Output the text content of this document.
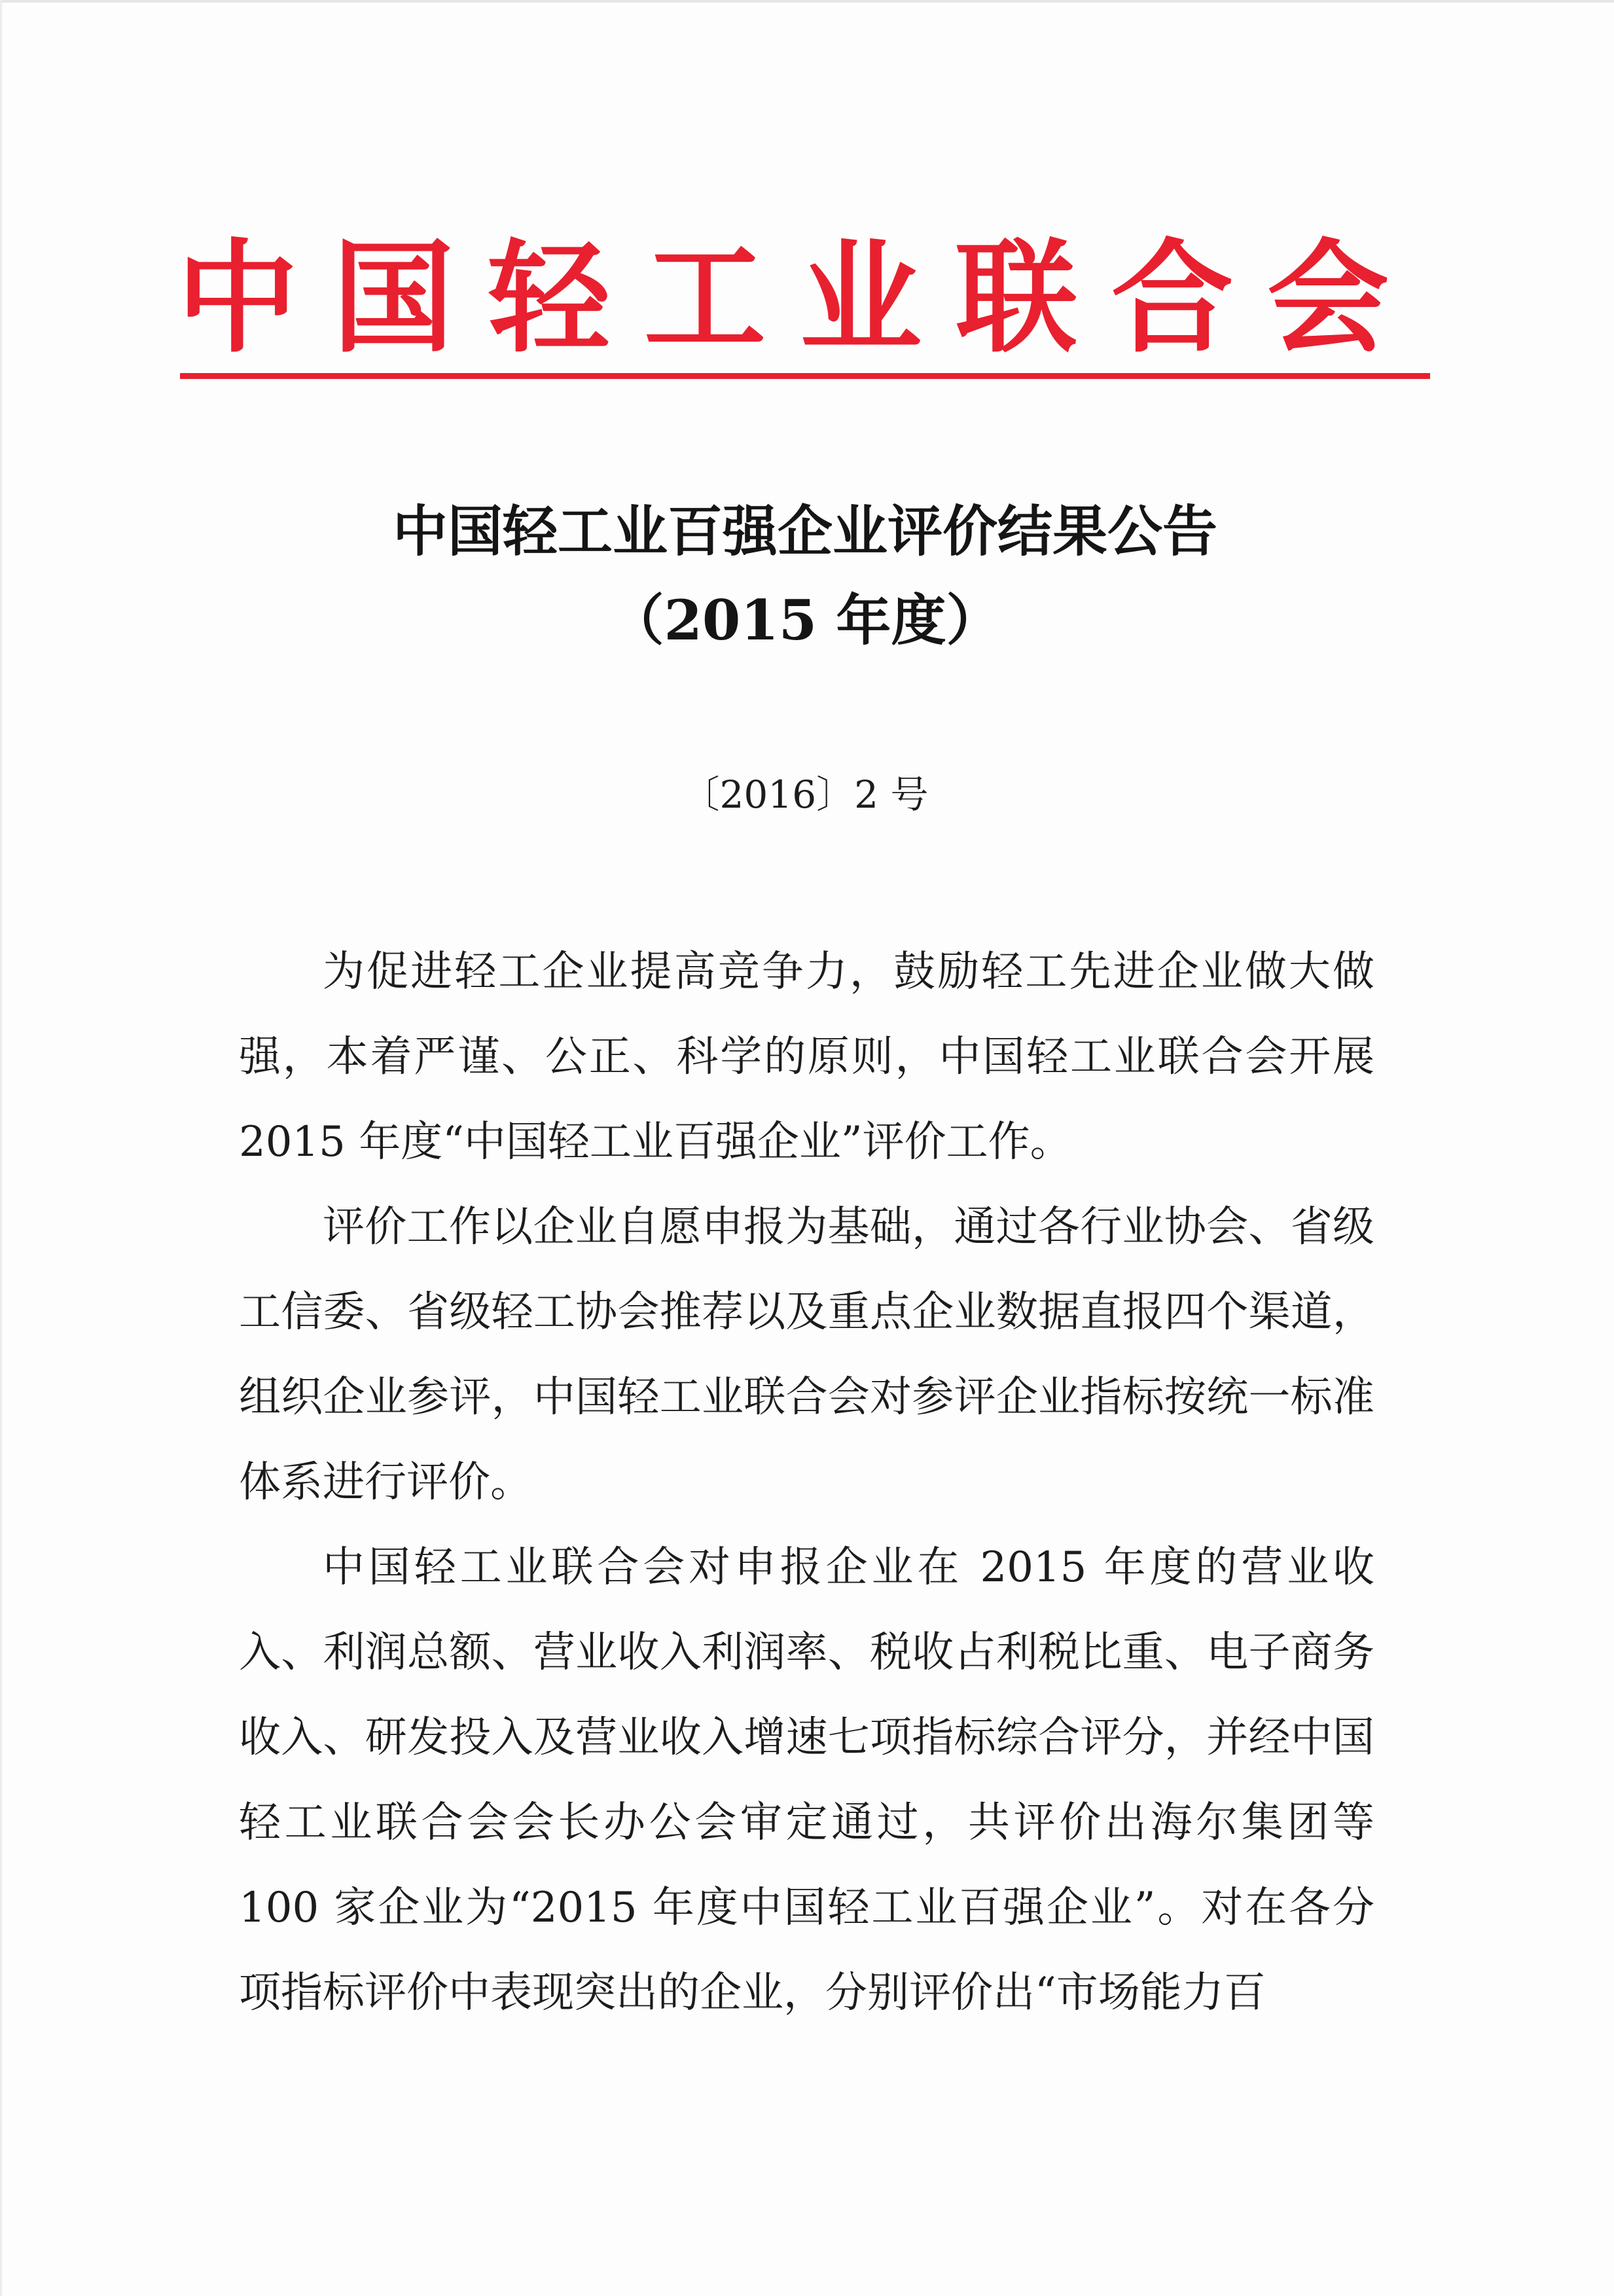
中国轻工业联合会
中国轻工业百强企业评价结果公告
（2015 年度）

〔2016〕2 号

为促进轻工企业提高竞争力，鼓励轻工先进企业做大做强，本着严谨、公正、科学的原则，中国轻工业联合会开展2015 年度“中国轻工业百强企业”评价工作。

评价工作以企业自愿申报为基础，通过各行业协会、省级工信委、省级轻工协会推荐以及重点企业数据直报四个渠道，组织企业参评，中国轻工业联合会对参评企业指标按统一标准体系进行评价。

中国轻工业联合会对申报企业在 2015 年度的营业收入、利润总额、营业收入利润率、税收占利税比重、电子商务收入、研发投入及营业收入增速七项指标综合评分，并经中国轻工业联合会会长办公会审定通过，共评价出海尔集团等 100 家企业为“2015 年度中国轻工业百强企业”。对在各分项指标评价中表现突出的企业，分别评价出“市场能力百
